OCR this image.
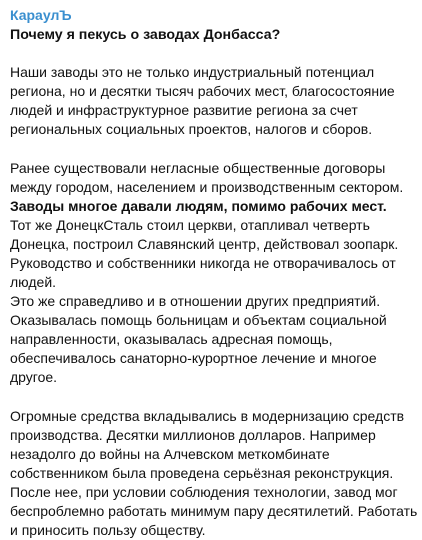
КараулЪ
Почему я пекусь о заводах Донбасса?
Наши заводы это не только индустриальный потенциал
региона, но и десятки тысяч рабочих мест, благосостояние
людей и инфраструктурное развитие региона за счет
региональных социальных проектов, налогов и сборов.
Ранее существовали негласные общественные договоры
между городом, населением и производственным сектором.
Заводы многое давали людям, помимо рабочих мест.
Тот же ДонецкСталь стоил церкви, отапливал четверть
Донецка, построил Славянский центр, действовал зоопарк.
Руководство и собственники никогда не отворачивалось от
людей.
Это же справедливо и в отношении других предприятий.
Оказывалась помощь больницам и объектам социальной
направленности, оказывалась адресная помощь,
обеспечивалось санаторно-курортное лечение и многое
другое.
Огромные средства вкладывались в модернизацию средств
производства. Десятки миллионов долларов. Например
незадолго до войны на Алчевском меткомбинате
собственником была проведена серьёзная реконструкция.
После нее, при условии соблюдения технологии, завод мог
беспроблемно работать минимум пару десятилетий. Работать
и приносить пользу обществу.
